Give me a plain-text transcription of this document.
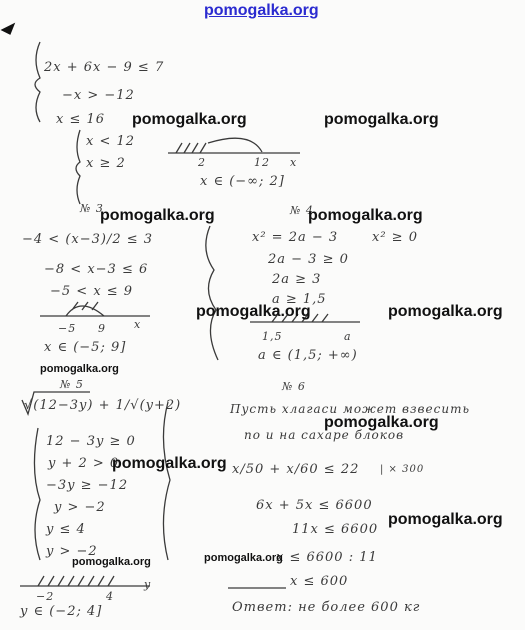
pomogalka.org
2x + 6x − 9 ≤ 7
−x > −12
x ≤ 16
x < 12
x ≥ 2	2	12 x
x ∈ (−∞; 2]
№ 3
−4 < (x−3)/2 ≤ 3
−8 < x−3 ≤ 6
−5 < x ≤ 9
−5 9	x
x ∈ (−5; 9]
№ 5
№ 4
x² = 2a − 3	x² ≥ 0
2a − 3 ≥ 0
2a ≥ 3
a ≥ 1,5
1,5	a
a ∈ (1,5; +∞)
№ 6
√(12−3y) + 1/√(y+2)
12 − 3y ≥ 0
y + 2 > 0
−3y ≥ −12
y > −2
y ≤ 4
y > −2
−2	4
y
y ∈ (−2; 4]
Пусть хлагаси может взвесить
по и на сахаре блоков
x/50 + x/60 ≤ 22 | × 300
6x + 5x ≤ 6600
11x ≤ 6600
x ≤ 6600 : 11
x ≤ 600
Ответ: не более 600 кг
pomogalka.org	pomogalka.org
pomogalka.org	pomogalka.org
pomogalka.org	pomogalka.org
pomogalka.org
pomogalka.org
pomogalka.org
pomogalka.org
pomogalka.org
pomogalka.org
